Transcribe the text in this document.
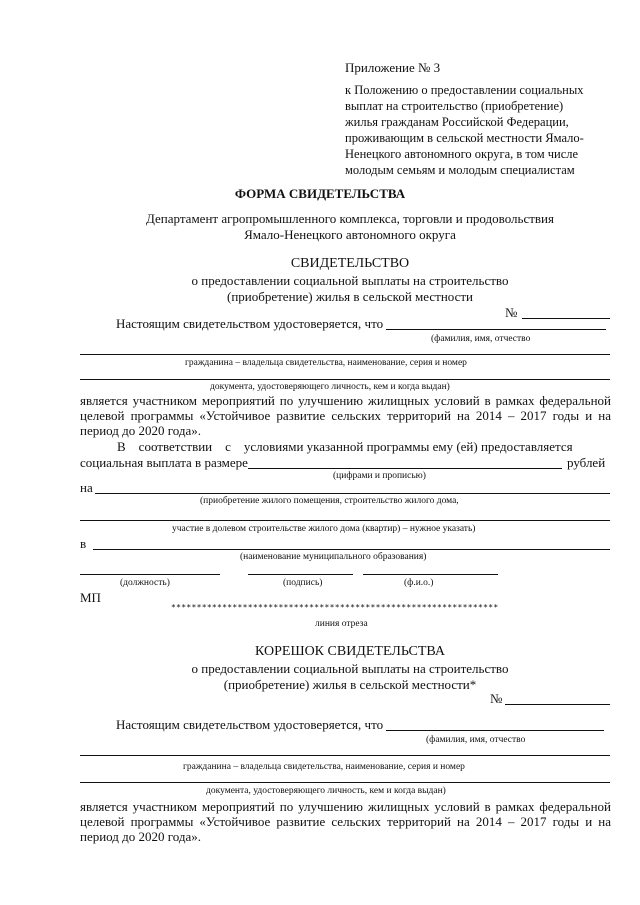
Приложение № 3
к Положению о предоставлении социальных
выплат на строительство (приобретение)
жилья гражданам Российской Федерации,
проживающим в сельской местности Ямало-
Ненецкого автономного округа, в том числе
молодым семьям и молодым специалистам
ФОРМА СВИДЕТЕЛЬСТВА
Департамент агропромышленного комплекса, торговли и продовольствия
Ямало-Ненецкого автономного округа
СВИДЕТЕЛЬСТВО
о предоставлении социальной выплаты на строительство
(приобретение) жилья в сельской местности
№
Настоящим свидетельством удостоверяется, что
(фамилия, имя, отчество
гражданина – владельца свидетельства, наименование, серия и номер
документа, удостоверяющего личность, кем и когда выдан)
является участником мероприятий по улучшению жилищных условий в рамках федеральной
целевой программы «Устойчивое развитие сельских территорий на 2014 – 2017 годы и на
период до 2020 года».
В    соответствии    с    условиями указанной программы ему (ей) предоставляется
социальная выплата в размере	рублей
(цифрами и прописью)
на
(приобретение жилого помещения, строительство жилого дома,
участие в долевом строительстве жилого дома (квартир) – нужное указать)
в
(наименование муниципального образования)
(должность)	(подпись)	(ф.и.о.)
МП
****************************************************************
линия отреза
КОРЕШОК СВИДЕТЕЛЬСТВА
о предоставлении социальной выплаты на строительство
(приобретение) жилья в сельской местности*
№
Настоящим свидетельством удостоверяется, что
(фамилия, имя, отчество
гражданина – владельца свидетельства, наименование, серия и номер
документа, удостоверяющего личность, кем и когда выдан)
является участником мероприятий по улучшению жилищных условий в рамках федеральной
целевой программы «Устойчивое развитие сельских территорий на 2014 – 2017 годы и на
период до 2020 года».
